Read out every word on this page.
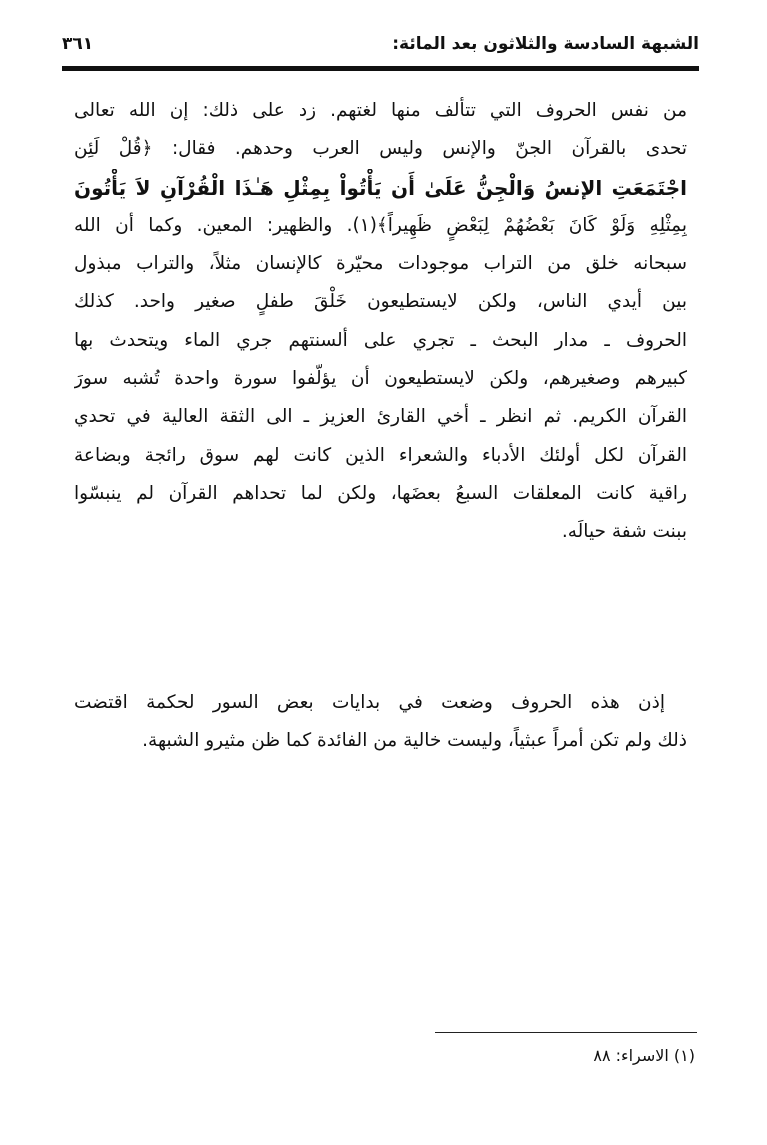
الشبهة السادسة والثلاثون بعد المائة:
٣٦١
من نفس الحروف التي تتألف منها لغتهم. زد على ذلك: إن الله تعالى
تحدى بالقرآن الجنّ والإنس وليس العرب وحدهم. فقال: ﴿قُلْ لَئِن
اجْتَمَعَتِ الإنسُ وَالْجِنُّ عَلَىٰ أَن يَأْتُواْ بِمِثْلِ هَـٰذَا الْقُرْآنِ لاَ يَأْتُونَ
بِمِثْلِهِ وَلَوْ كَانَ بَعْضُهُمْ لِبَعْضٍ ظَهِيراً﴾(١). والظهير: المعين. وكما أن الله
سبحانه خلق من التراب موجودات محيّرة كالإنسان مثلاً، والتراب مبذول
بين أيدي الناس، ولكن لايستطيعون خَلْقَ طفلٍ صغير واحد. كذلك
الحروف ـ مدار البحث ـ تجري على ألسنتهم جري الماء ويتحدث بها
كبيرهم وصغيرهم، ولكن لايستطيعون أن يؤلّفوا سورة واحدة تُشبه سورَ
القرآن الكريم. ثم انظر ـ أخي القارئ العزيز ـ الى الثقة العالية في تحدي
القرآن لكل أولئك الأدباء والشعراء الذين كانت لهم سوق رائجة وبضاعة
راقية كانت المعلقات السبعُ بعضَها، ولكن لما تحداهم القرآن لم ينبسّوا
ببنت شفة حيالَه.
إذن هذه الحروف وضعت في بدايات بعض السور لحكمة اقتضت
ذلك ولم تكن أمراً عبثياً، وليست خالية من الفائدة كما ظن مثيرو الشبهة.
(١) الاسراء: ٨٨
